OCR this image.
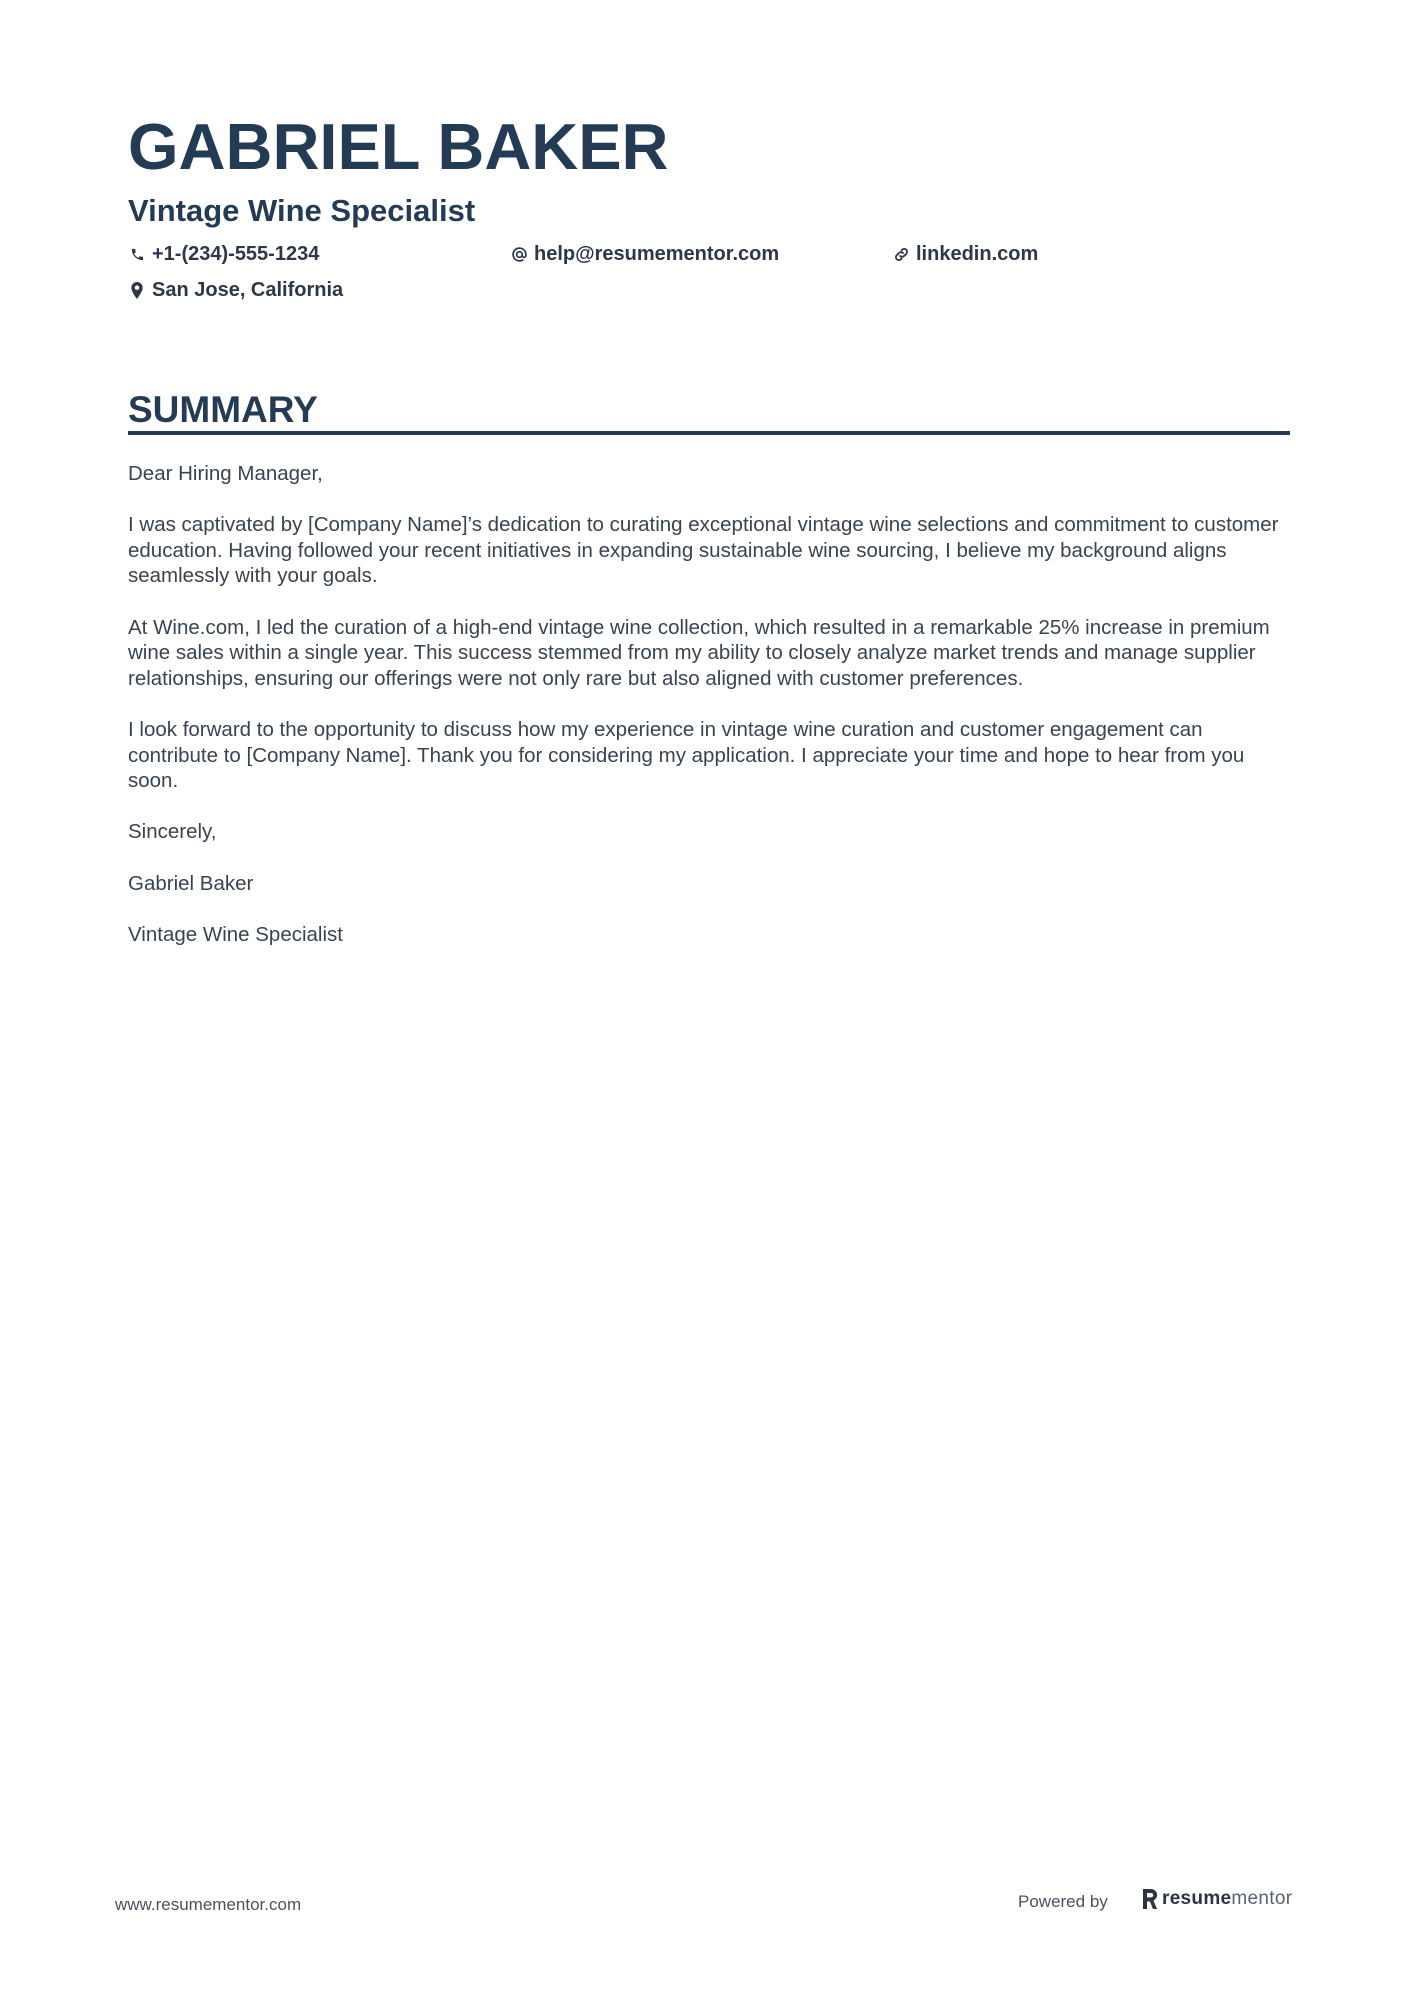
GABRIEL BAKER
Vintage Wine Specialist
+1-(234)-555-1234	help@resumementor.com	linkedin.com
San Jose, California
SUMMARY

Dear Hiring Manager,

I was captivated by [Company Name]’s dedication to curating exceptional vintage wine selections and commitment to customer education. Having followed your recent initiatives in expanding sustainable wine sourcing, I believe my background aligns seamlessly with your goals.

At Wine.com, I led the curation of a high-end vintage wine collection, which resulted in a remarkable 25% increase in premium wine sales within a single year. This success stemmed from my ability to closely analyze market trends and manage supplier relationships, ensuring our offerings were not only rare but also aligned with customer preferences.

I look forward to the opportunity to discuss how my experience in vintage wine curation and customer engagement can contribute to [Company Name]. Thank you for considering my application. I appreciate your time and hope to hear from you soon.

Sincerely,

Gabriel Baker

Vintage Wine Specialist

www.resumementor.com	Powered by	resumementor
